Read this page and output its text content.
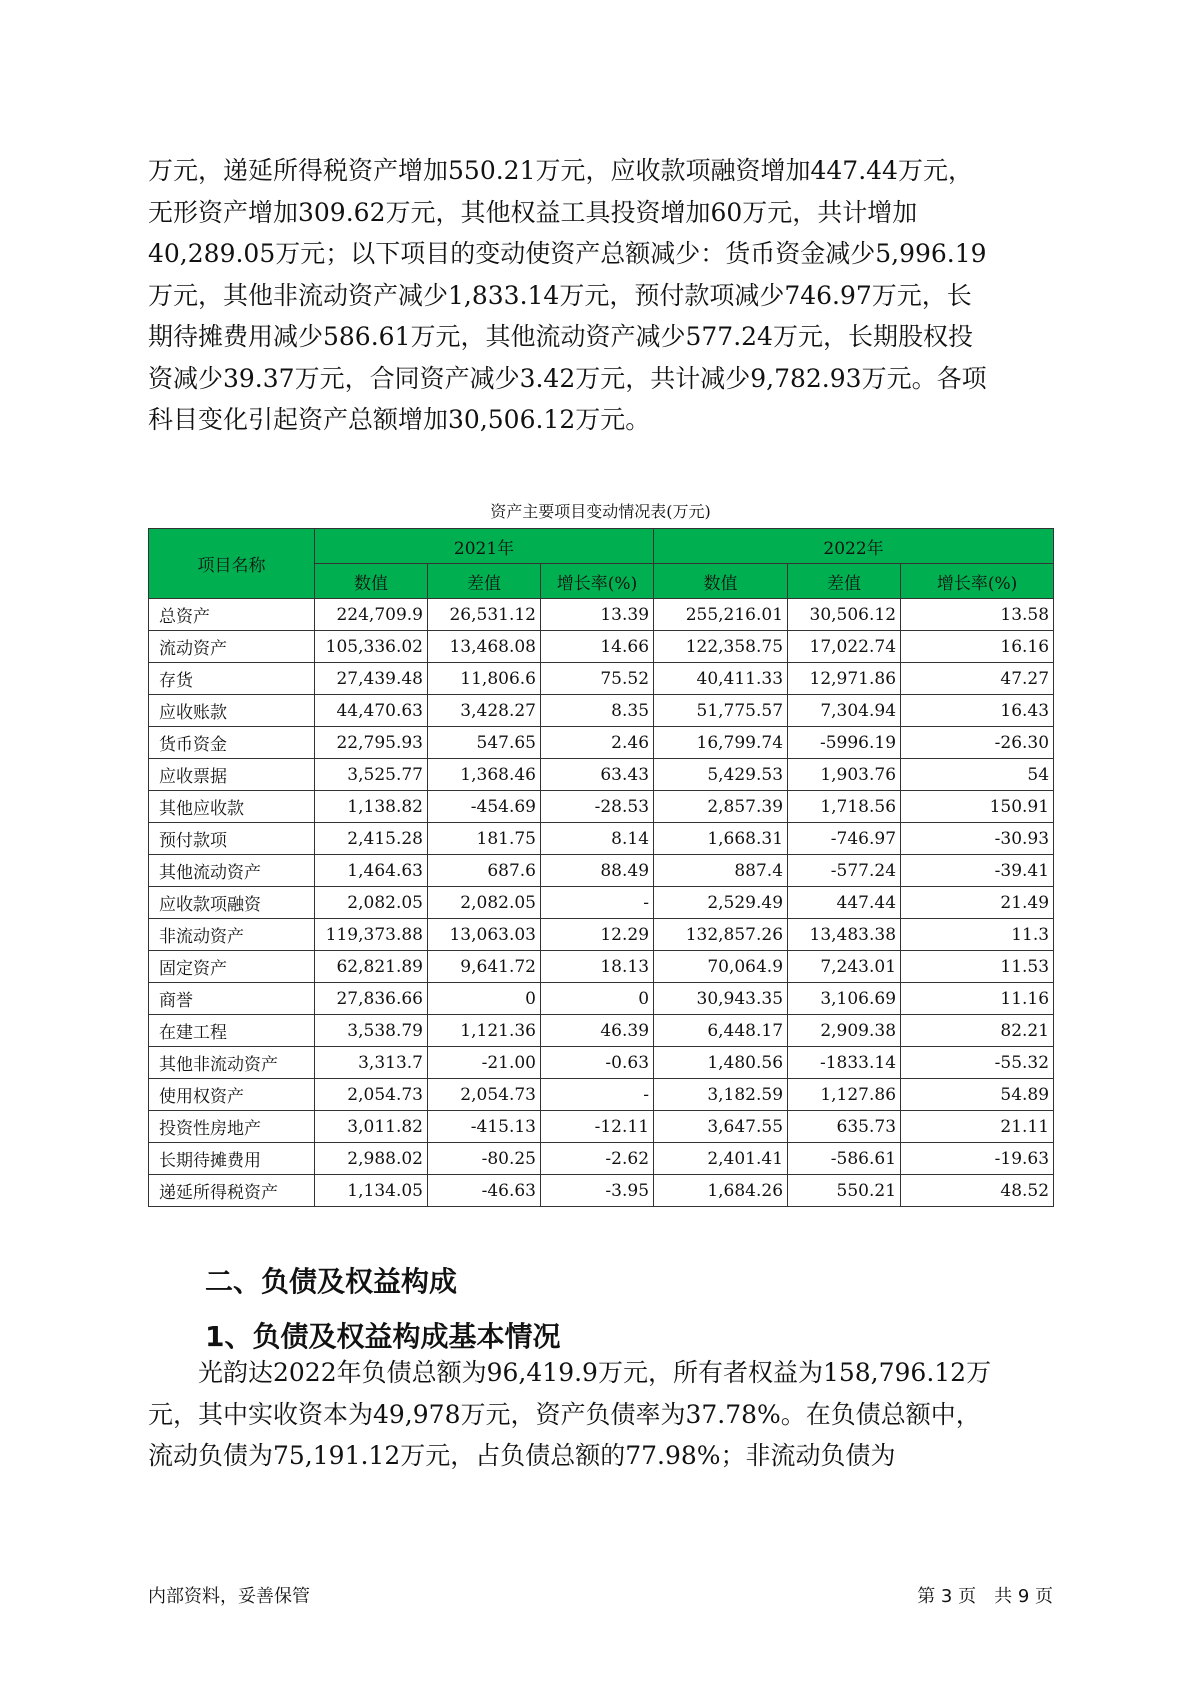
万元，递延所得税资产增加550.21万元，应收款项融资增加447.44万元，
无形资产增加309.62万元，其他权益工具投资增加60万元，共计增加
40,289.05万元；以下项目的变动使资产总额减少：货币资金减少5,996.19
万元，其他非流动资产减少1,833.14万元，预付款项减少746.97万元，长
期待摊费用减少586.61万元，其他流动资产减少577.24万元，长期股权投
资减少39.37万元，合同资产减少3.42万元，共计减少9,782.93万元。各项
科目变化引起资产总额增加30,506.12万元。
资产主要项目变动情况表(万元)
项目名称	2021年			2022年		
	数值	差值	增长率(%)	数值	差值	增长率(%)
总资产	224,709.9	26,531.12	13.39	255,216.01	30,506.12	13.58
流动资产	105,336.02	13,468.08	14.66	122,358.75	17,022.74	16.16
存货	27,439.48	11,806.6	75.52	40,411.33	12,971.86	47.27
应收账款	44,470.63	3,428.27	8.35	51,775.57	7,304.94	16.43
货币资金	22,795.93	547.65	2.46	16,799.74	-5996.19	-26.30
应收票据	3,525.77	1,368.46	63.43	5,429.53	1,903.76	54
其他应收款	1,138.82	-454.69	-28.53	2,857.39	1,718.56	150.91
预付款项	2,415.28	181.75	8.14	1,668.31	-746.97	-30.93
其他流动资产	1,464.63	687.6	88.49	887.4	-577.24	-39.41
应收款项融资	2,082.05	2,082.05	-	2,529.49	447.44	21.49
非流动资产	119,373.88	13,063.03	12.29	132,857.26	13,483.38	11.3
固定资产	62,821.89	9,641.72	18.13	70,064.9	7,243.01	11.53
商誉	27,836.66	0	0	30,943.35	3,106.69	11.16
在建工程	3,538.79	1,121.36	46.39	6,448.17	2,909.38	82.21
其他非流动资产	3,313.7	-21.00	-0.63	1,480.56	-1833.14	-55.32
使用权资产	2,054.73	2,054.73	-	3,182.59	1,127.86	54.89
投资性房地产	3,011.82	-415.13	-12.11	3,647.55	635.73	21.11
长期待摊费用	2,988.02	-80.25	-2.62	2,401.41	-586.61	-19.63
递延所得税资产	1,134.05	-46.63	-3.95	1,684.26	550.21	48.52
二、负债及权益构成
1、负债及权益构成基本情况
　　光韵达2022年负债总额为96,419.9万元，所有者权益为158,796.12万
元，其中实收资本为49,978万元，资产负债率为37.78%。在负债总额中，
流动负债为75,191.12万元，占负债总额的77.98%；非流动负债为
内部资料，妥善保管	第 3 页　共 9 页
